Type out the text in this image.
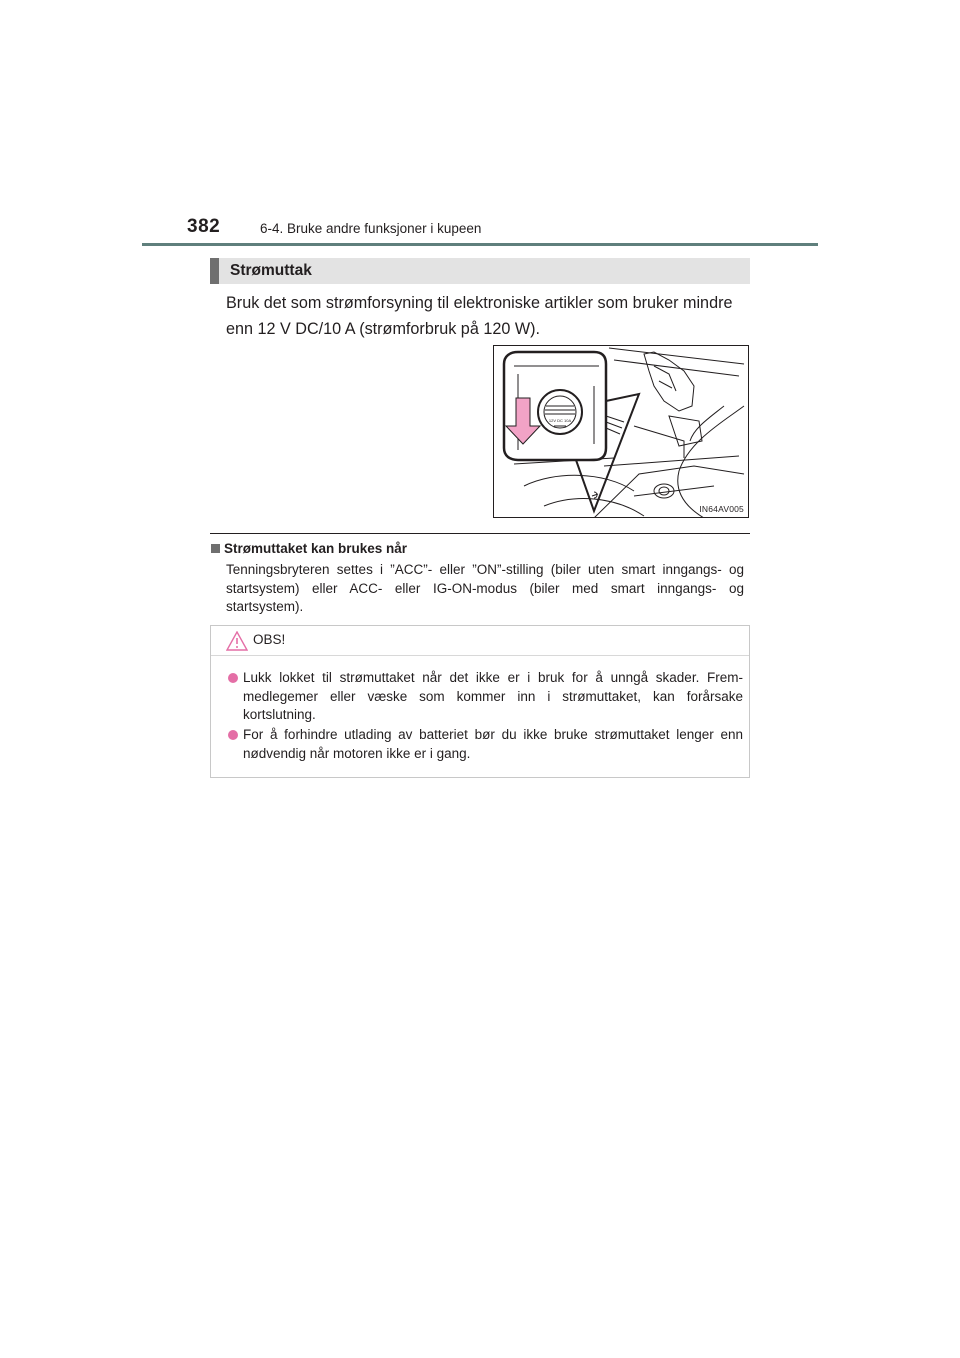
382	6-4. Bruke andre funksjoner i kupeen
Strømuttak

Bruk det som strømforsyning til elektroniske artikler som bruker mindre enn 12 V DC/10 A (strømforbruk på 120 W).

12V DC 10A
IN64AV005
Strømuttaket kan brukes når

Tenningsbryteren settes i ”ACC”- eller ”ON”-stilling (biler uten smart inngangs- og startsystem) eller ACC- eller IG-ON-modus (biler med smart inngangs- og startsystem).

OBS!

Lukk lokket til strømuttaket når det ikke er i bruk for å unngå skader. Frem-medlegemer eller væske som kommer inn i strømuttaket, kan forårsake kortslutning.

For å forhindre utlading av batteriet bør du ikke bruke strømuttaket lenger enn nødvendig når motoren ikke er i gang.
